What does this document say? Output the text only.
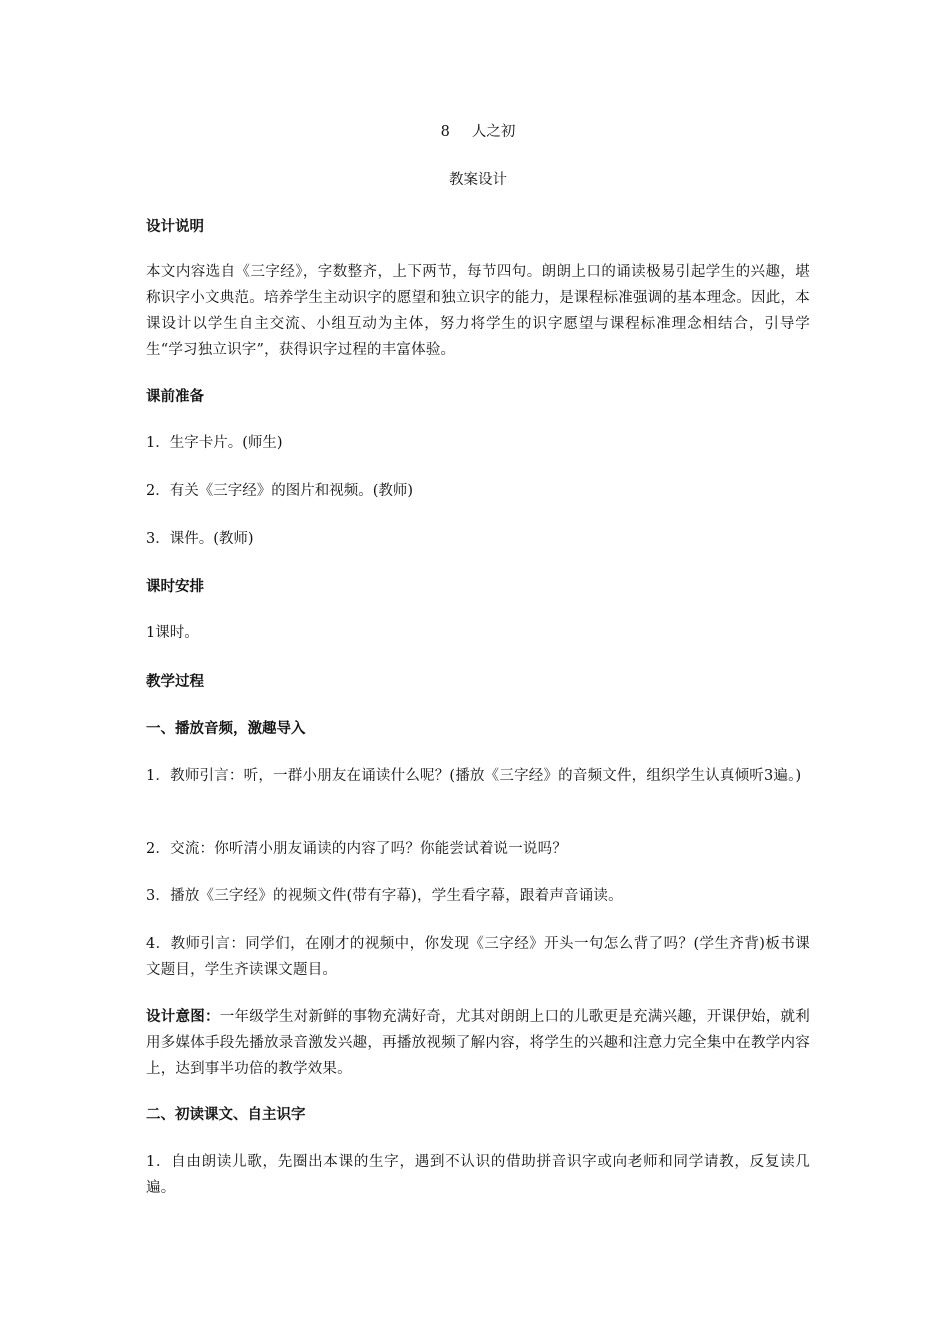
8 人之初
教案设计
设计说明

本文内容选自《三字经》，字数整齐，上下两节，每节四句。朗朗上口的诵读极易引起学生的兴趣，堪称识字小文典范。培养学生主动识字的愿望和独立识字的能力，是课程标准强调的基本理念。因此，本课设计以学生自主交流、小组互动为主体，努力将学生的识字愿望与课程标准理念相结合，引导学生“学习独立识字”，获得识字过程的丰富体验。

课前准备
1．生字卡片。(师生)
2．有关《三字经》的图片和视频。(教师)
3．课件。(教师)
课时安排
1课时。
教学过程
一、播放音频，激趣导入

1．教师引言：听，一群小朋友在诵读什么呢？(播放《三字经》的音频文件，组织学生认真倾听3遍。)

2．交流：你听清小朋友诵读的内容了吗？你能尝试着说一说吗？

3．播放《三字经》的视频文件(带有字幕)，学生看字幕，跟着声音诵读。

4．教师引言：同学们，在刚才的视频中，你发现《三字经》开头一句怎么背了吗？(学生齐背)板书课文题目，学生齐读课文题目。

设计意图：一年级学生对新鲜的事物充满好奇，尤其对朗朗上口的儿歌更是充满兴趣，开课伊始，就利用多媒体手段先播放录音激发兴趣，再播放视频了解内容，将学生的兴趣和注意力完全集中在教学内容上，达到事半功倍的教学效果。

二、初读课文、自主识字

1．自由朗读儿歌，先圈出本课的生字，遇到不认识的借助拼音识字或向老师和同学请教，反复读几遍。
